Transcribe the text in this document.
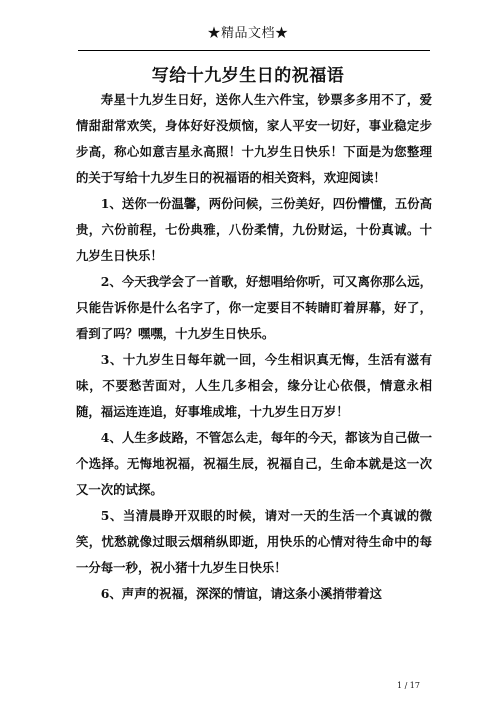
★精品文档★
写给十九岁生日的祝福语

寿星十九岁生日好，送你人生六件宝，钞票多多用不了，爱情甜甜常欢笑，身体好好没烦恼，家人平安一切好，事业稳定步步高，称心如意吉星永高照！十九岁生日快乐！下面是为您整理的关于写给十九岁生日的祝福语的相关资料，欢迎阅读！

1、送你一份温馨，两份问候，三份美好，四份懵懂，五份高贵，六份前程，七份典雅，八份柔情，九份财运，十份真诚。十九岁生日快乐！

2、今天我学会了一首歌，好想唱给你听，可又离你那么远，只能告诉你是什么名字了，你一定要目不转睛盯着屏幕，好了，看到了吗？嘿嘿，十九岁生日快乐。

3、十九岁生日每年就一回，今生相识真无悔，生活有滋有味，不要愁苦面对，人生几多相会，缘分让心依偎，情意永相随，福运连连追，好事堆成堆，十九岁生日万岁！

4、人生多歧路，不管怎么走，每年的今天，都该为自己做一个选择。无悔地祝福，祝福生辰，祝福自己，生命本就是这一次又一次的试探。

5、当清晨睁开双眼的时候，请对一天的生活一个真诚的微笑，忧愁就像过眼云烟稍纵即逝，用快乐的心情对待生命中的每一分每一秒，祝小猪十九岁生日快乐！

6、声声的祝福，深深的情谊，请这条小溪捎带着这

1 / 17
